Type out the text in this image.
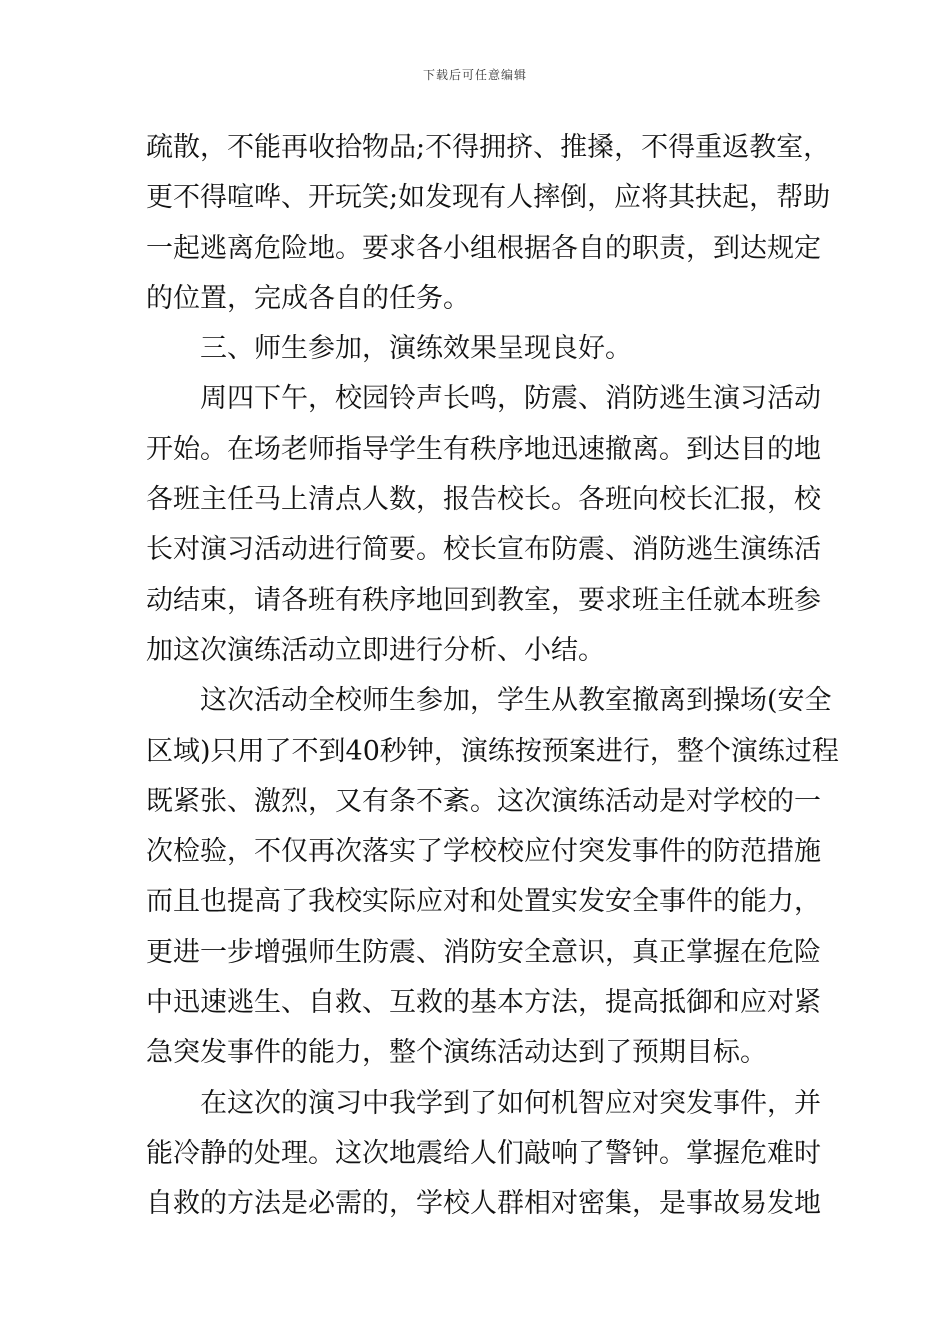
下载后可任意编辑
疏散，不能再收拾物品;不得拥挤、推搡，不得重返教室，
更不得喧哗、开玩笑;如发现有人摔倒，应将其扶起，帮助
一起逃离危险地。要求各小组根据各自的职责，到达规定
的位置，完成各自的任务。
三、师生参加，演练效果呈现良好。
周四下午，校园铃声长鸣，防震、消防逃生演习活动
开始。在场老师指导学生有秩序地迅速撤离。到达目的地
各班主任马上清点人数，报告校长。各班向校长汇报，校
长对演习活动进行简要。校长宣布防震、消防逃生演练活
动结束，请各班有秩序地回到教室，要求班主任就本班参
加这次演练活动立即进行分析、小结。
这次活动全校师生参加，学生从教室撤离到操场(安全
区域)只用了不到40秒钟，演练按预案进行，整个演练过程
既紧张、激烈，又有条不紊。这次演练活动是对学校的一
次检验，不仅再次落实了学校校应付突发事件的防范措施
而且也提高了我校实际应对和处置实发安全事件的能力，
更进一步增强师生防震、消防安全意识，真正掌握在危险
中迅速逃生、自救、互救的基本方法，提高抵御和应对紧
急突发事件的能力，整个演练活动达到了预期目标。
在这次的演习中我学到了如何机智应对突发事件，并
能冷静的处理。这次地震给人们敲响了警钟。掌握危难时
自救的方法是必需的，学校人群相对密集，是事故易发地
